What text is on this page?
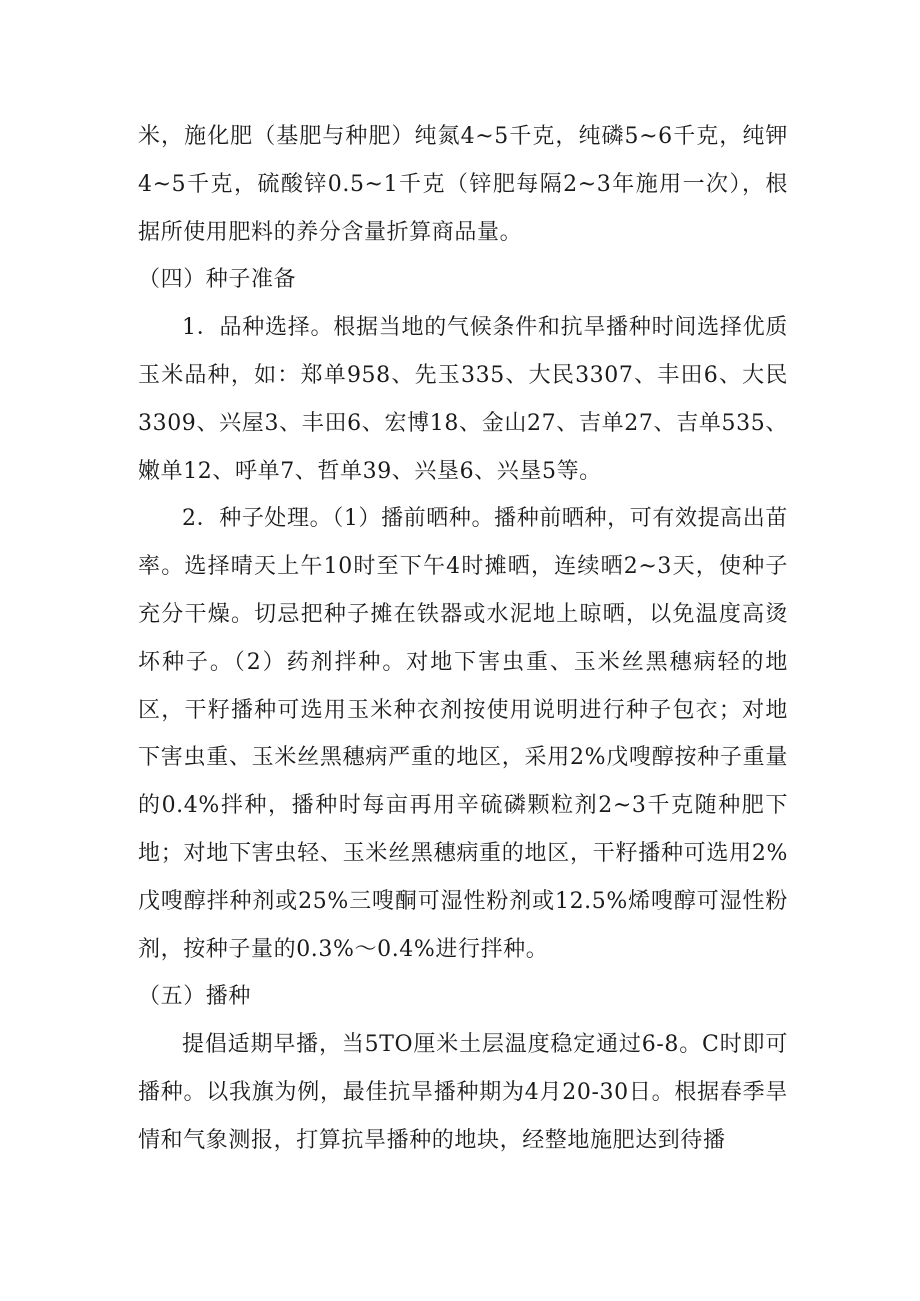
米，施化肥（基肥与种肥）纯氮4~5千克，纯磷5~6千克，纯钾4~5千克，硫酸锌0.5~1千克（锌肥每隔2~3年施用一次），根据所使用肥料的养分含量折算商品量。

（四）种子准备

1．品种选择。根据当地的气候条件和抗旱播种时间选择优质玉米品种，如：郑单958、先玉335、大民3307、丰田6、大民3309、兴屋3、丰田6、宏博18、金山27、吉单27、吉单535、嫩单12、呼单7、哲单39、兴垦6、兴垦5等。

2．种子处理。（1）播前晒种。播种前晒种，可有效提高出苗率。选择晴天上午10时至下午4时摊晒，连续晒2~3天，使种子充分干燥。切忌把种子摊在铁器或水泥地上晾晒，以免温度高烫坏种子。（2）药剂拌种。对地下害虫重、玉米丝黑穗病轻的地区，干籽播种可选用玉米种衣剂按使用说明进行种子包衣；对地下害虫重、玉米丝黑穗病严重的地区，采用2%戊嗖醇按种子重量的0.4%拌种，播种时每亩再用辛硫磷颗粒剂2~3千克随种肥下地；对地下害虫轻、玉米丝黑穗病重的地区，干籽播种可选用2%戊嗖醇拌种剂或25%三嗖酮可湿性粉剂或12.5%烯嗖醇可湿性粉剂，按种子量的0.3%～0.4%进行拌种。

（五）播种

提倡适期早播，当5TO厘米土层温度稳定通过6-8。C时即可播种。以我旗为例，最佳抗旱播种期为4月20-30日。根据春季旱情和气象测报，打算抗旱播种的地块，经整地施肥达到待播
